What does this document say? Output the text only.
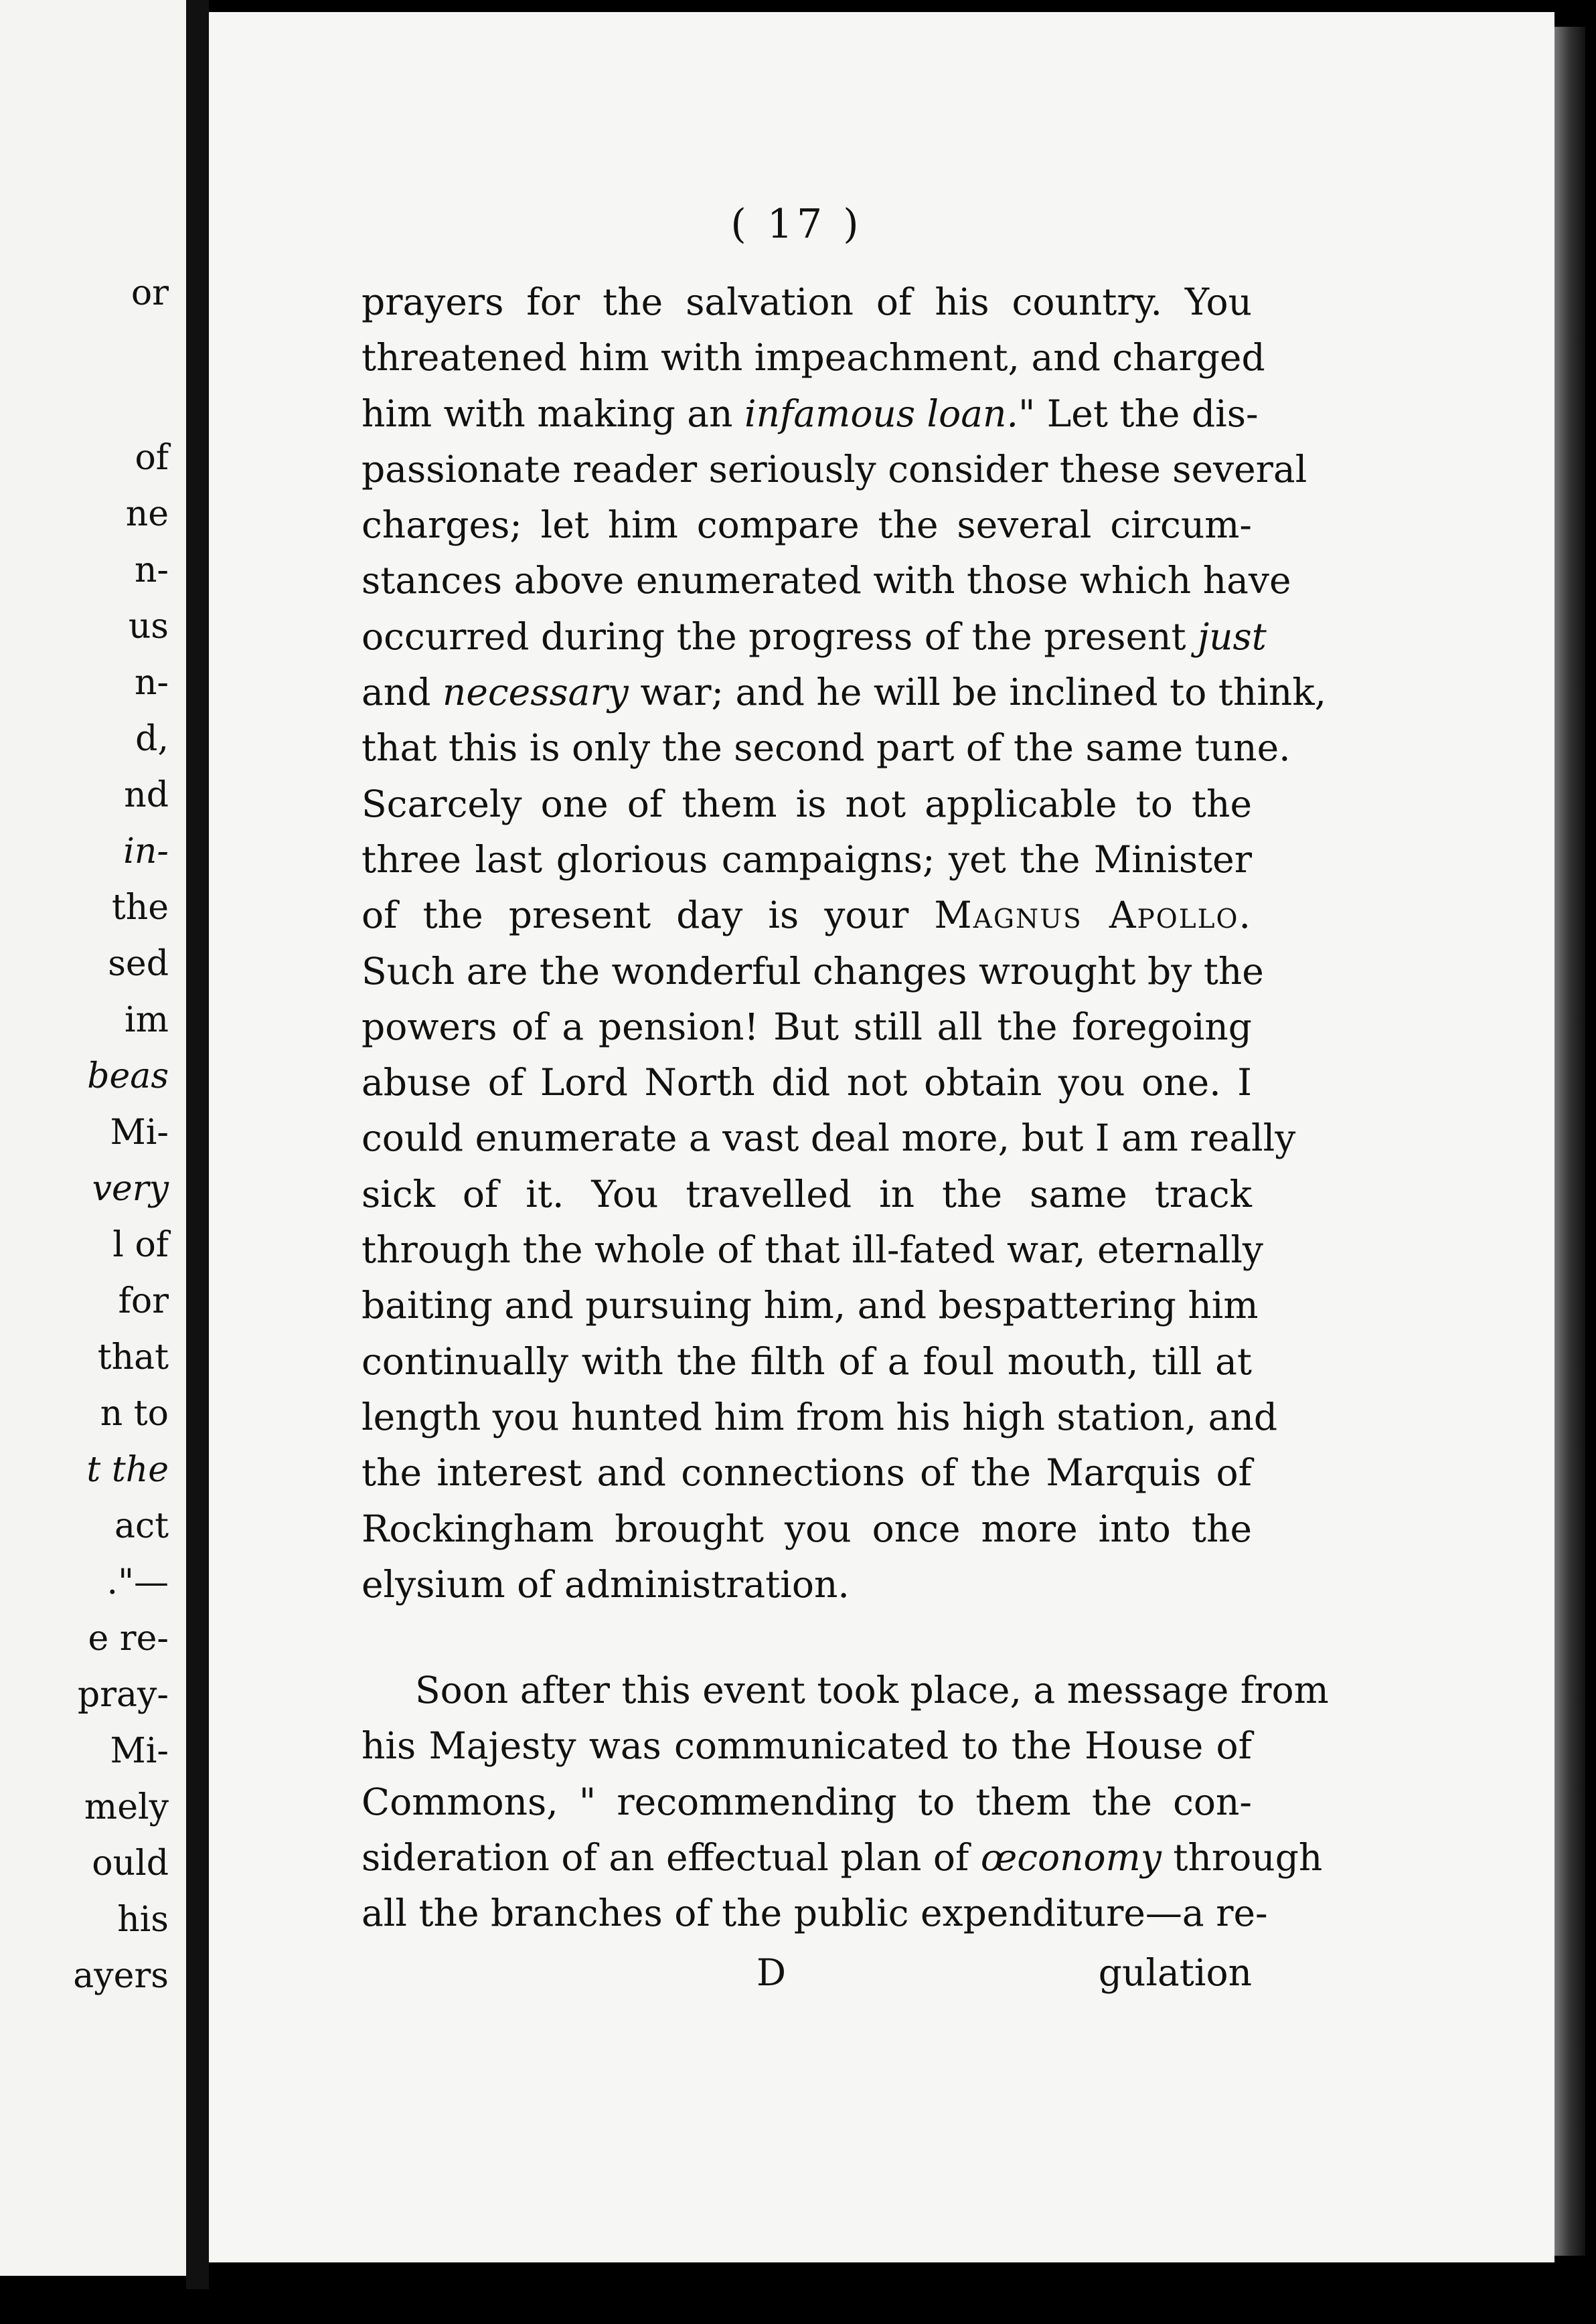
or
of
ne
n-
us
n-
d,
nd
in-
the
sed
im
beas
Mi-
very
l of
for
that
n to
t the
act
."—
e re-
pray-
Mi-
mely
ould
his
ayers
( 17 )
prayers for the salvation of his country. You
threatened him with impeachment, and charged
him with making an infamous loan." Let the dis-
passionate reader seriously consider these several
charges; let him compare the several circum-
stances above enumerated with those which have
occurred during the progress of the present just
and necessary war; and he will be inclined to think,
that this is only the second part of the same tune.
Scarcely one of them is not applicable to the
three last glorious campaigns; yet the Minister
of the present day is your Magnus Apollo.
Such are the wonderful changes wrought by the
powers of a pension! But still all the foregoing
abuse of Lord North did not obtain you one. I
could enumerate a vast deal more, but I am really
sick of it. You travelled in the same track
through the whole of that ill-fated war, eternally
baiting and pursuing him, and bespattering him
continually with the filth of a foul mouth, till at
length you hunted him from his high station, and
the interest and connections of the Marquis of
Rockingham brought you once more into the
elysium of administration.
Soon after this event took place, a message from
his Majesty was communicated to the House of
Commons, " recommending to them the con-
sideration of an effectual plan of œconomy through
all the branches of the public expenditure—a re-
D	gulation
